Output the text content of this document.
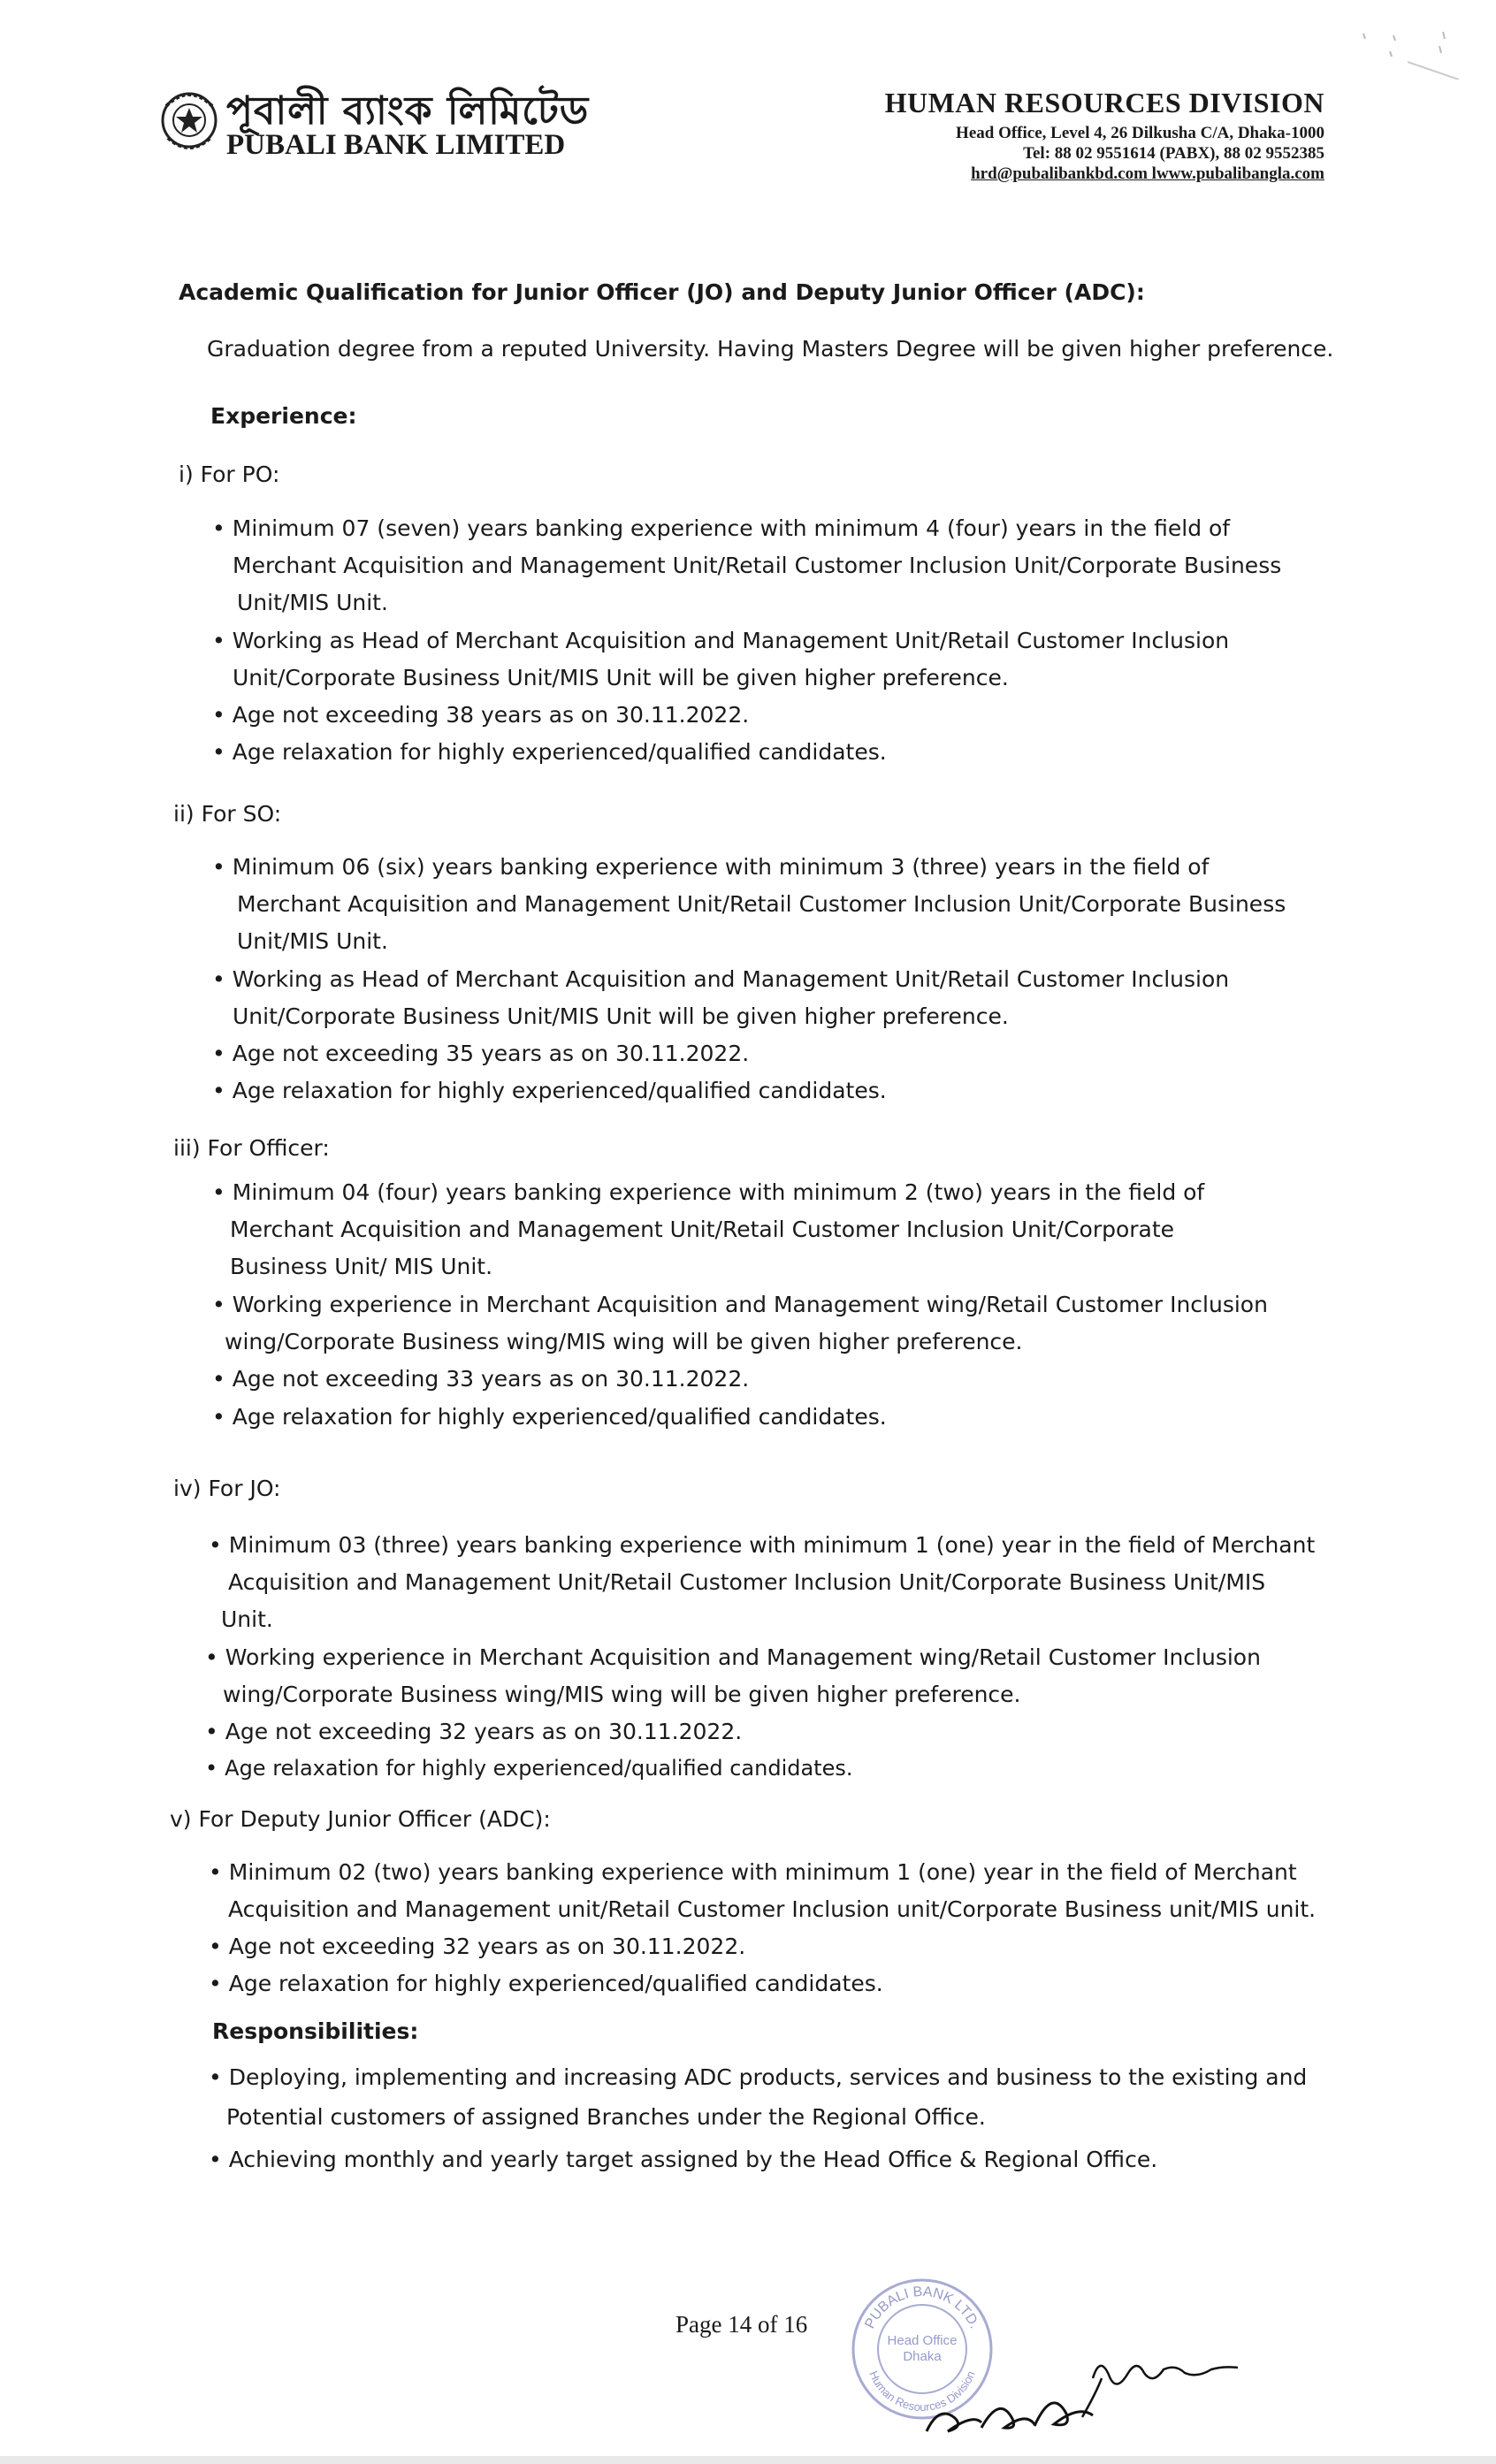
পূবালী ব্যাংক লিমিটেড
PUBALI BANK LIMITED
HUMAN RESOURCES DIVISION
Head Office, Level 4, 26 Dilkusha C/A, Dhaka-1000
Tel: 88 02 9551614 (PABX), 88 02 9552385
hrd@pubalibankbd.com lwww.pubalibangla.com
Academic Qualification for Junior Officer (JO) and Deputy Junior Officer (ADC):
Graduation degree from a reputed University. Having Masters Degree will be given higher preference.
Experience:
i) For PO:
• Minimum 07 (seven) years banking experience with minimum 4 (four) years in the field of
Merchant Acquisition and Management Unit/Retail Customer Inclusion Unit/Corporate Business
Unit/MIS Unit.
• Working as Head of Merchant Acquisition and Management Unit/Retail Customer Inclusion
Unit/Corporate Business Unit/MIS Unit will be given higher preference.
• Age not exceeding 38 years as on 30.11.2022.
• Age relaxation for highly experienced/qualified candidates.
ii) For SO:
• Minimum 06 (six) years banking experience with minimum 3 (three) years in the field of
Merchant Acquisition and Management Unit/Retail Customer Inclusion Unit/Corporate Business
Unit/MIS Unit.
• Working as Head of Merchant Acquisition and Management Unit/Retail Customer Inclusion
Unit/Corporate Business Unit/MIS Unit will be given higher preference.
• Age not exceeding 35 years as on 30.11.2022.
• Age relaxation for highly experienced/qualified candidates.
iii) For Officer:
• Minimum 04 (four) years banking experience with minimum 2 (two) years in the field of
Merchant Acquisition and Management Unit/Retail Customer Inclusion Unit/Corporate
Business Unit/ MIS Unit.
• Working experience in Merchant Acquisition and Management wing/Retail Customer Inclusion
wing/Corporate Business wing/MIS wing will be given higher preference.
• Age not exceeding 33 years as on 30.11.2022.
• Age relaxation for highly experienced/qualified candidates.
iv) For JO:
• Minimum 03 (three) years banking experience with minimum 1 (one) year in the field of Merchant
Acquisition and Management Unit/Retail Customer Inclusion Unit/Corporate Business Unit/MIS
Unit.
• Working experience in Merchant Acquisition and Management wing/Retail Customer Inclusion
wing/Corporate Business wing/MIS wing will be given higher preference.
• Age not exceeding 32 years as on 30.11.2022.
• Age relaxation for highly experienced/qualified candidates.
v) For Deputy Junior Officer (ADC):
• Minimum 02 (two) years banking experience with minimum 1 (one) year in the field of Merchant
Acquisition and Management unit/Retail Customer Inclusion unit/Corporate Business unit/MIS unit.
• Age not exceeding 32 years as on 30.11.2022.
• Age relaxation for highly experienced/qualified candidates.
Responsibilities:
• Deploying, implementing and increasing ADC products, services and business to the existing and
Potential customers of assigned Branches under the Regional Office.
• Achieving monthly and yearly target assigned by the Head Office & Regional Office.
Page 14 of 16	PUBALI BANK LTD.
Head Office
Dhaka
Human Resources Division
